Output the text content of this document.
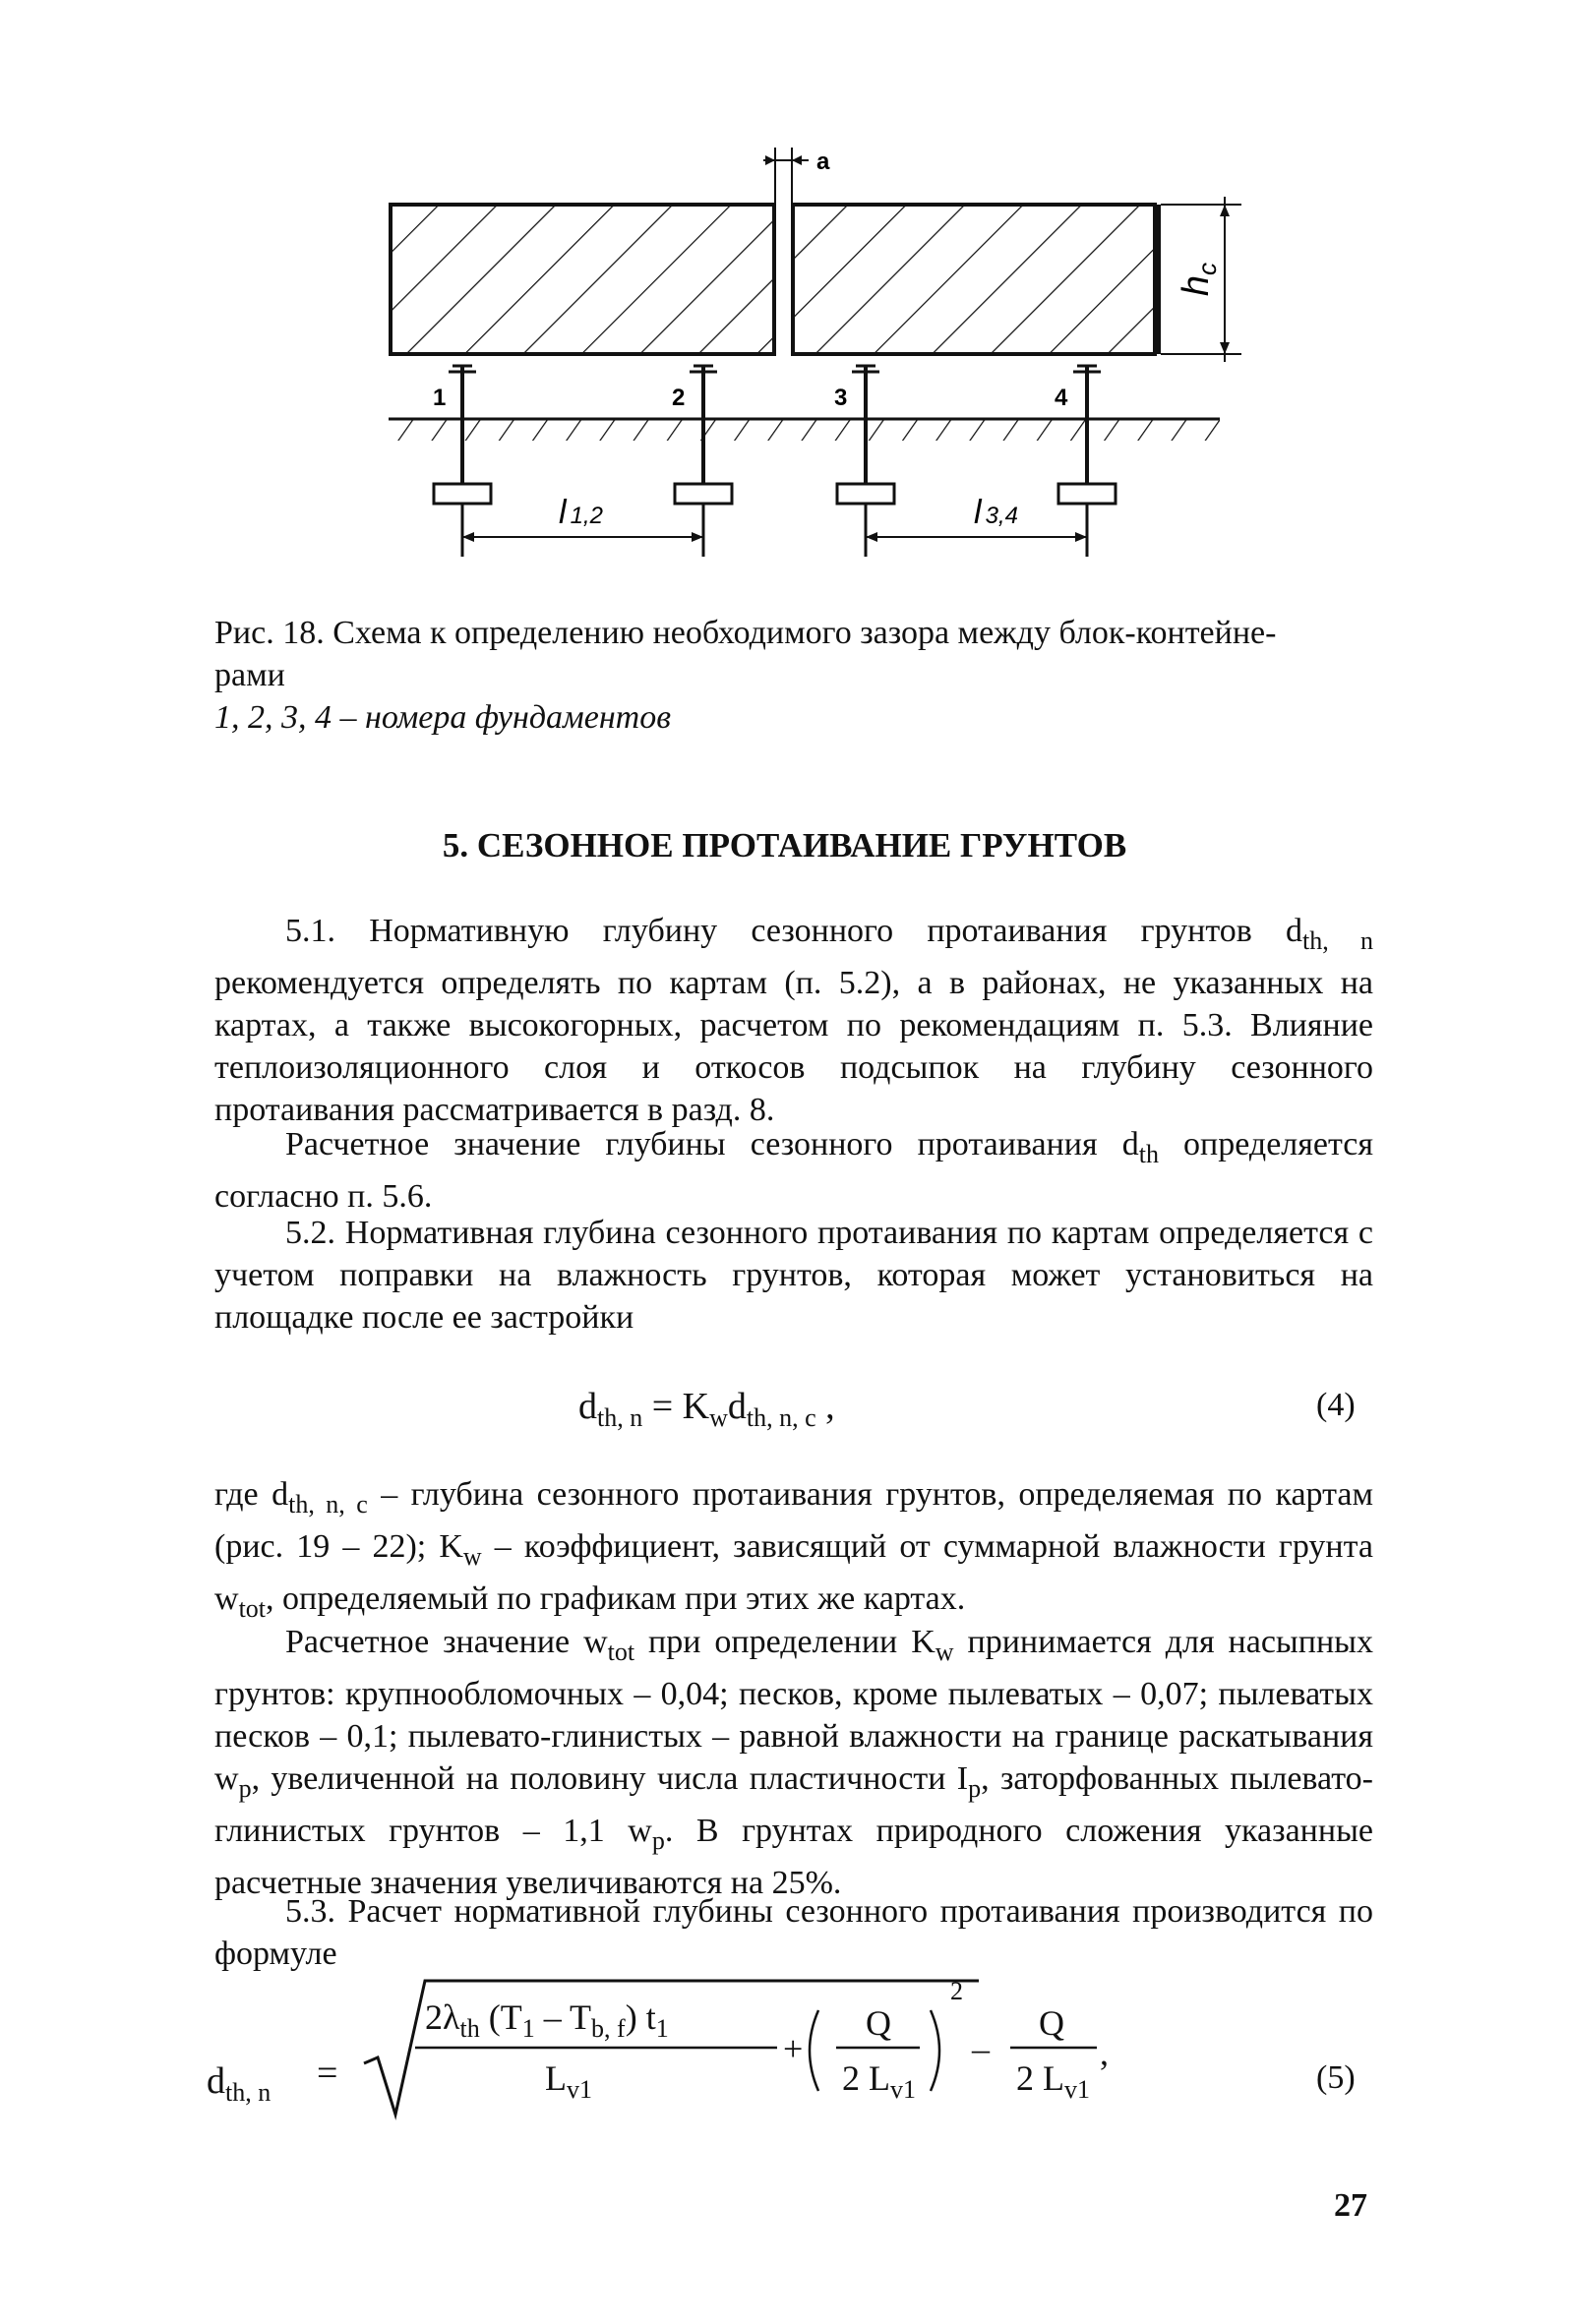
a
$h_c$
1	2	3	4
l 1,2	l 3,4
Рис. 18. Схема к определению необходимого зазора между блок-контейне-
рами
1, 2, 3, 4 – номера фундаментов
5. СЕЗОННОЕ ПРОТАИВАНИЕ ГРУНТОВ
5.1. Нормативную глубину сезонного протаивания грунтов $d_{th, n}$ рекомендуется определять по картам (п. 5.2), а в районах, не указанных на картах, а также высокогорных, расчетом по рекомендациям п. 5.3. Влияние теплоизоляционного слоя и откосов подсыпок на глубину сезонного протаивания рассматривается в разд. 8.
Расчетное значение глубины сезонного протаивания $d_{th}$ определяется согласно п. 5.6.
5.2. Нормативная глубина сезонного протаивания по картам определяется с учетом поправки на влажность грунтов, которая может установиться на площадке после ее застройки
$d_{th, n} = K_wd_{th, n, c}$ ,	(4)
где $d_{th, n, c}$ – глубина сезонного протаивания грунтов, определяемая по картам (рис. 19 – 22); $K_w$ – коэффициент, зависящий от суммарной влажности грунта $w_{tot}$, определяемый по графикам при этих же картах.
Расчетное значение $w_{tot}$ при определении $K_w$ принимается для насыпных грунтов: крупнообломочных – 0,04; песков, кроме пылеватых – 0,07; пылеватых песков – 0,1; пылевато-глинистых – равной влажности на границе раскатывания $w_p$, увеличенной на половину числа пластичности $I_p$, заторфованных пылевато-глинистых грунтов – 1,1 $w_p$. В грунтах природного сложения указанные расчетные значения увеличиваются на 25%.
5.3. Расчет нормативной глубины сезонного протаивания производится по формуле
$d_{th, n}$ =
$2\lambda_{th}$ $(T_1 - T_{b, f})$ $t_1$
$L_{v1}$
+
Q
2 $L_{v1}$
2
–
Q
2 $L_{v1}$
,
(5)
27
